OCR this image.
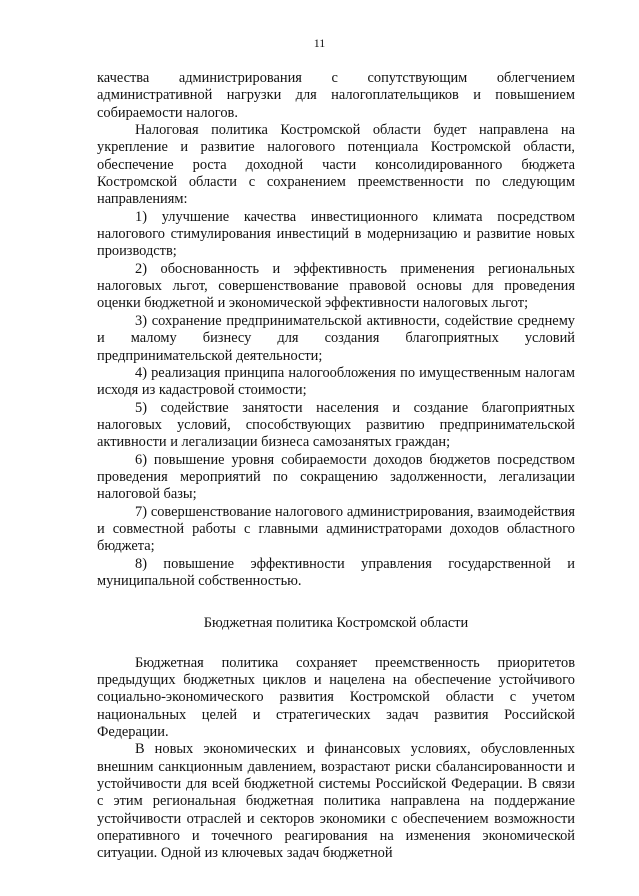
11

качества администрирования с сопутствующим облегчением административной нагрузки для налогоплательщиков и повышением собираемости налогов.

Налоговая политика Костромской области будет направлена на укрепление и развитие налогового потенциала Костромской области, обеспечение роста доходной части консолидированного бюджета Костромской области с сохранением преемственности по следующим направлениям:

1) улучшение качества инвестиционного климата посредством налогового стимулирования инвестиций в модернизацию и развитие новых производств;

2) обоснованность и эффективность применения региональных налоговых льгот, совершенствование правовой основы для проведения оценки бюджетной и экономической эффективности налоговых льгот;

3) сохранение предпринимательской активности, содействие среднему и малому бизнесу для создания благоприятных условий предпринимательской деятельности;

4) реализация принципа налогообложения по имущественным налогам исходя из кадастровой стоимости;

5) содействие занятости населения и создание благоприятных налоговых условий, способствующих развитию предпринимательской активности и легализации бизнеса самозанятых граждан;

6) повышение уровня собираемости доходов бюджетов посредством проведения мероприятий по сокращению задолженности, легализации налоговой базы;

7) совершенствование налогового администрирования, взаимодействия и совместной работы с главными администраторами доходов областного бюджета;

8) повышение эффективности управления государственной и муниципальной собственностью.

Бюджетная политика Костромской области

Бюджетная политика сохраняет преемственность приоритетов предыдущих бюджетных циклов и нацелена на обеспечение устойчивого социально-экономического развития Костромской области с учетом национальных целей и стратегических задач развития Российской Федерации.

В новых экономических и финансовых условиях, обусловленных внешним санкционным давлением, возрастают риски сбалансированности и устойчивости для всей бюджетной системы Российской Федерации. В связи с этим региональная бюджетная политика направлена на поддержание устойчивости отраслей и секторов экономики с обеспечением возможности оперативного и точечного реагирования на изменения экономической ситуации. Одной из ключевых задач бюджетной
